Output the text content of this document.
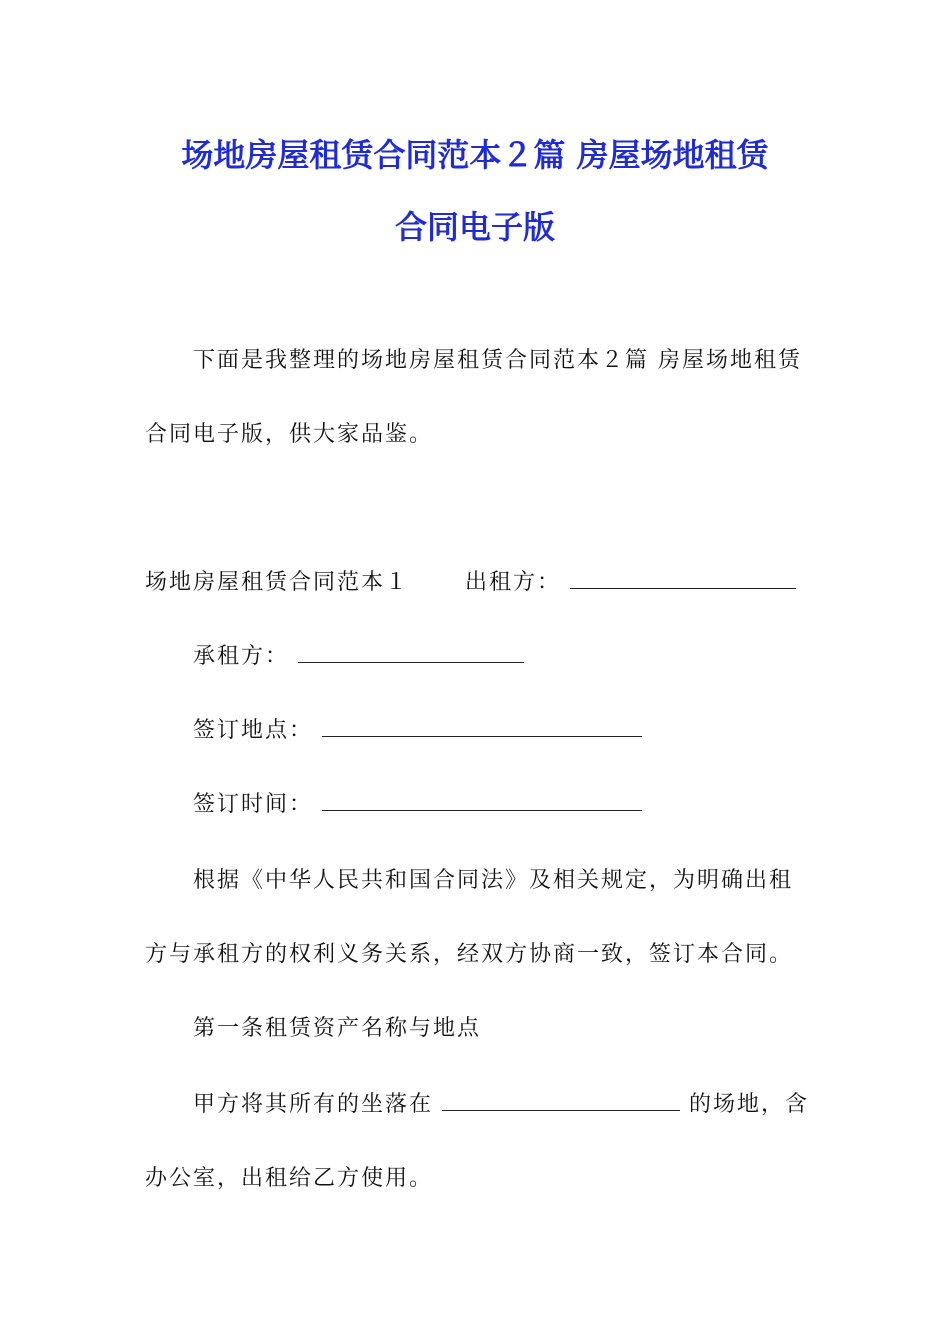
场地房屋租赁合同范本２篇 房屋场地租赁
合同电子版
下面是我整理的场地房屋租赁合同范本２篇 房屋场地租赁
合同电子版，供大家品鉴。
场地房屋租赁合同范本１	出租方：
承租方：
签订地点：
签订时间：
根据《中华人民共和国合同法》及相关规定，为明确出租
方与承租方的权利义务关系，经双方协商一致，签订本合同。
第一条租赁资产名称与地点
甲方将其所有的坐落在	的场地，含
办公室，出租给乙方使用。
